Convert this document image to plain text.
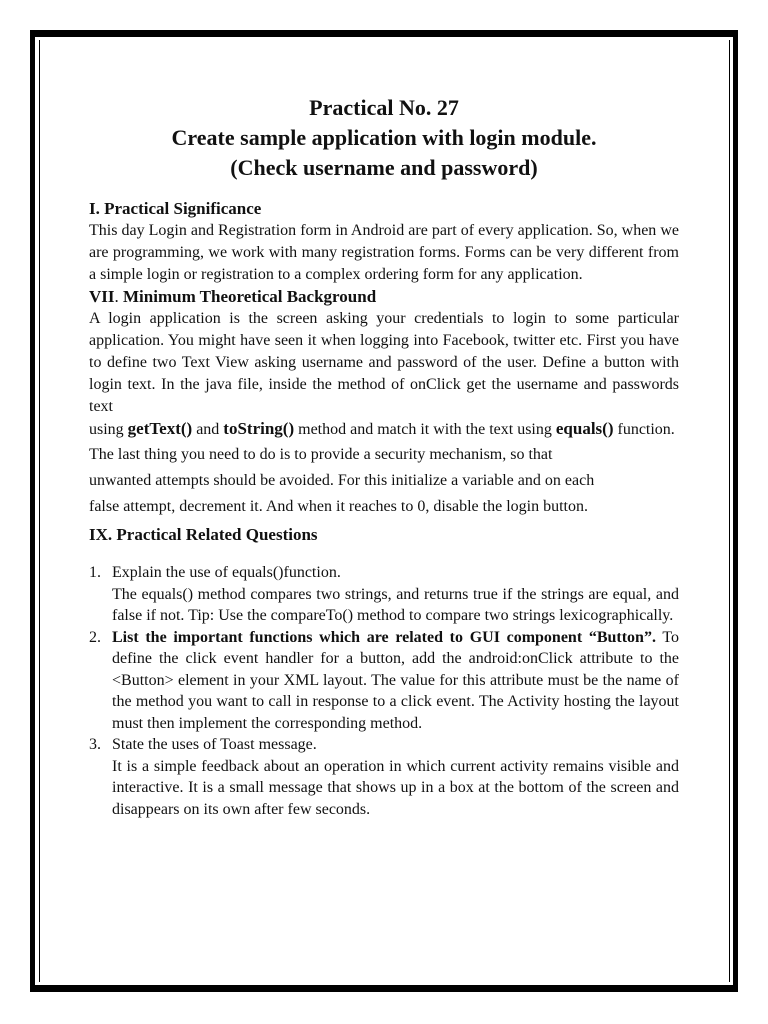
Practical No. 27
Create sample application with login module.
(Check username and password)
I. Practical Significance
This day Login and Registration form in Android are part of every application. So, when we are programming, we work with many registration forms. Forms can be very different from a simple login or registration to a complex ordering form for any application.
VII. Minimum Theoretical Background
A login application is the screen asking your credentials to login to some particular application. You might have seen it when logging into Facebook, twitter etc. First you have to define two Text View asking username and password of the user. Define a button with login text. In the java file, inside the method of onClick get the username and passwords text
using getText() and toString() method and match it with the text using equals() function.
The last thing you need to do is to provide a security mechanism, so that
unwanted attempts should be avoided. For this initialize a variable and on each
false attempt, decrement it. And when it reaches to 0, disable the login button.
IX. Practical Related Questions
1. Explain the use of equals()function.
The equals() method compares two strings, and returns true if the strings are equal, and false if not. Tip: Use the compareTo() method to compare two strings lexicographically.
2. List the important functions which are related to GUI component “Button”. To define the click event handler for a button, add the android:onClick attribute to the <Button> element in your XML layout. The value for this attribute must be the name of the method you want to call in response to a click event. The Activity hosting the layout must then implement the corresponding method.
3. State the uses of Toast message.
It is a simple feedback about an operation in which current activity remains visible and interactive. It is a small message that shows up in a box at the bottom of the screen and disappears on its own after few seconds.
